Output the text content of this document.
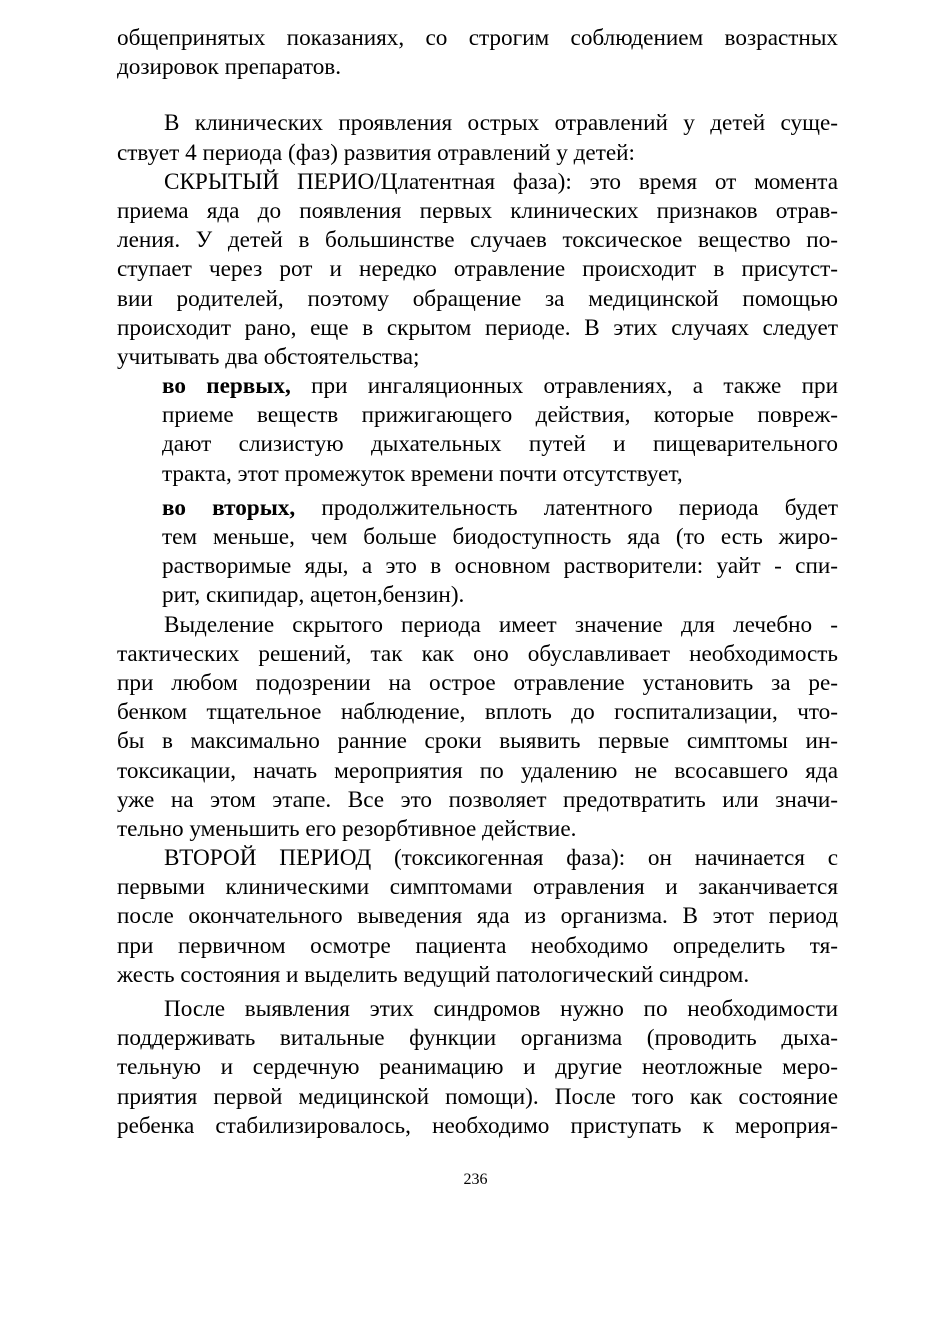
общепринятых показаниях, со строгим соблюдением возрастных
дозировок препаратов.
В клинических проявления острых отравлений у детей суще-
ствует 4 периода (фаз) развития отравлений у детей:
СКРЫТЫЙ ПЕРИО/Цлатентная фаза): это время от момента
приема яда до появления первых клинических признаков отрав-
ления. У детей в большинстве случаев токсическое вещество по-
ступает через рот и нередко отравление происходит в присутст-
вии родителей, поэтому обращение за медицинской помощью
происходит рано, еще в скрытом периоде. В этих случаях следует
учитывать два обстоятельства;
во первых, при ингаляционных отравлениях, а также при
приеме веществ прижигающего действия, которые повреж-
дают слизистую дыхательных путей и пищеварительного
тракта, этот промежуток времени почти отсутствует,
во вторых, продолжительность латентного периода будет
тем меньше, чем больше биодоступность яда (то есть жиро-
растворимые яды, а это в основном растворители: уайт - спи-
рит, скипидар, ацетон,бензин).
Выделение скрытого периода имеет значение для лечебно -
тактических решений, так как оно обуславливает необходимость
при любом подозрении на острое отравление установить за ре-
бенком тщательное наблюдение, вплоть до госпитализации, что-
бы в максимально ранние сроки выявить первые симптомы ин-
токсикации, начать мероприятия по удалению не всосавшего яда
уже на этом этапе. Все это позволяет предотвратить или значи-
тельно уменьшить его резорбтивное действие.
ВТОРОЙ ПЕРИОД (токсикогенная фаза): он начинается с
первыми клиническими симптомами отравления и заканчивается
после окончательного выведения яда из организма. В этот период
при первичном осмотре пациента необходимо определить тя-
жесть состояния и выделить ведущий патологический синдром.
После выявления этих синдромов нужно по необходимости
поддерживать витальные функции организма (проводить дыха-
тельную и сердечную реанимацию и другие неотложные меро-
приятия первой медицинской помощи). После того как состояние
ребенка стабилизировалось, необходимо приступать к мероприя-
236
